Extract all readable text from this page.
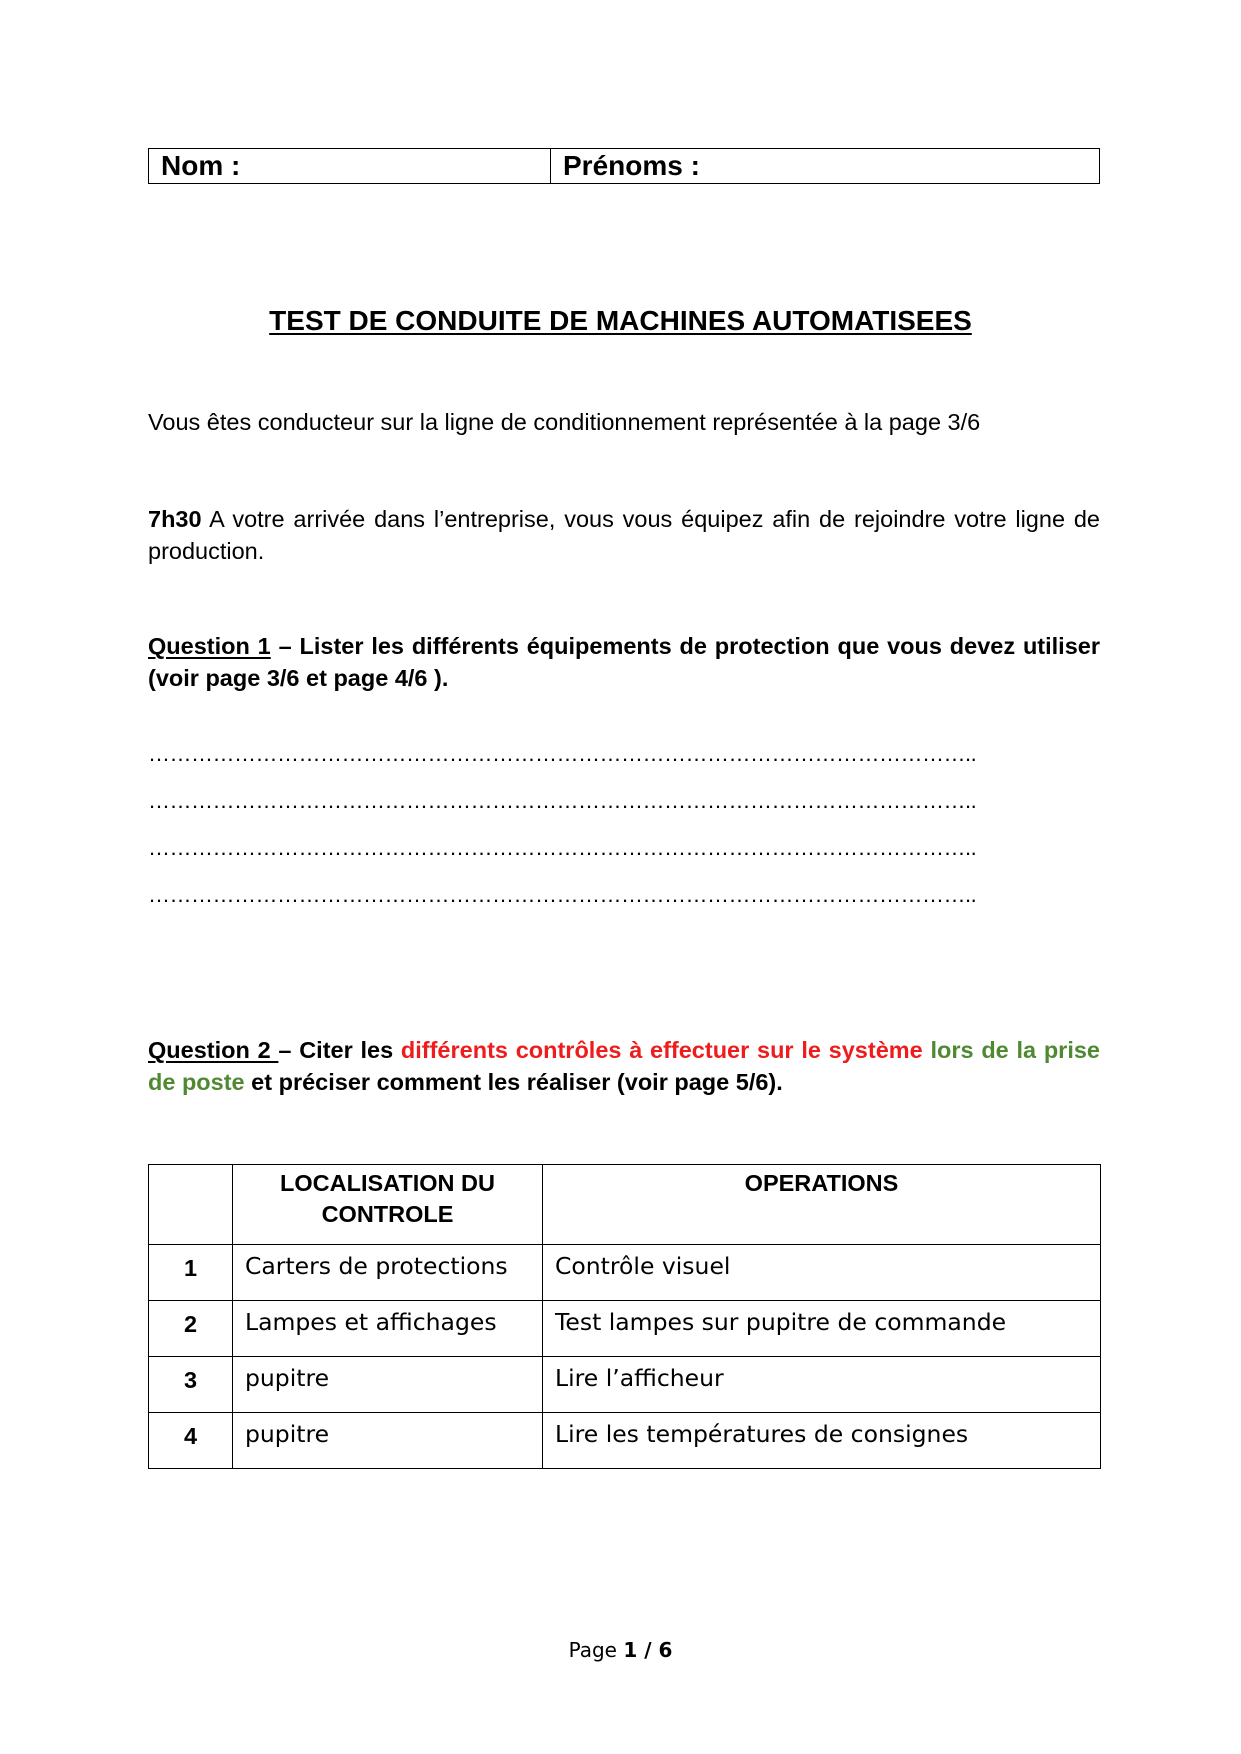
Nom :	Prénoms :
TEST DE CONDUITE DE MACHINES AUTOMATISEES
Vous êtes conducteur sur la ligne de conditionnement représentée à la page 3/6
7h30 A votre arrivée dans l’entreprise, vous vous équipez afin de rejoindre votre ligne de production.
Question 1 – Lister les différents équipements de protection que vous devez utiliser (voir page 3/6 et page 4/6 ).
……………………………………………………………………………………………………..
……………………………………………………………………………………………………..
……………………………………………………………………………………………………..
……………………………………………………………………………………………………..
Question 2 – Citer les différents contrôles à effectuer sur le système lors de la prise de poste et préciser comment les réaliser (voir page 5/6).
	LOCALISATION DU CONTROLE	OPERATIONS
1	Carters de protections	Contrôle visuel
2	Lampes et affichages	Test lampes sur pupitre de commande
3	pupitre	Lire l’afficheur
4	pupitre	Lire les températures de consignes
Page 1 / 6
